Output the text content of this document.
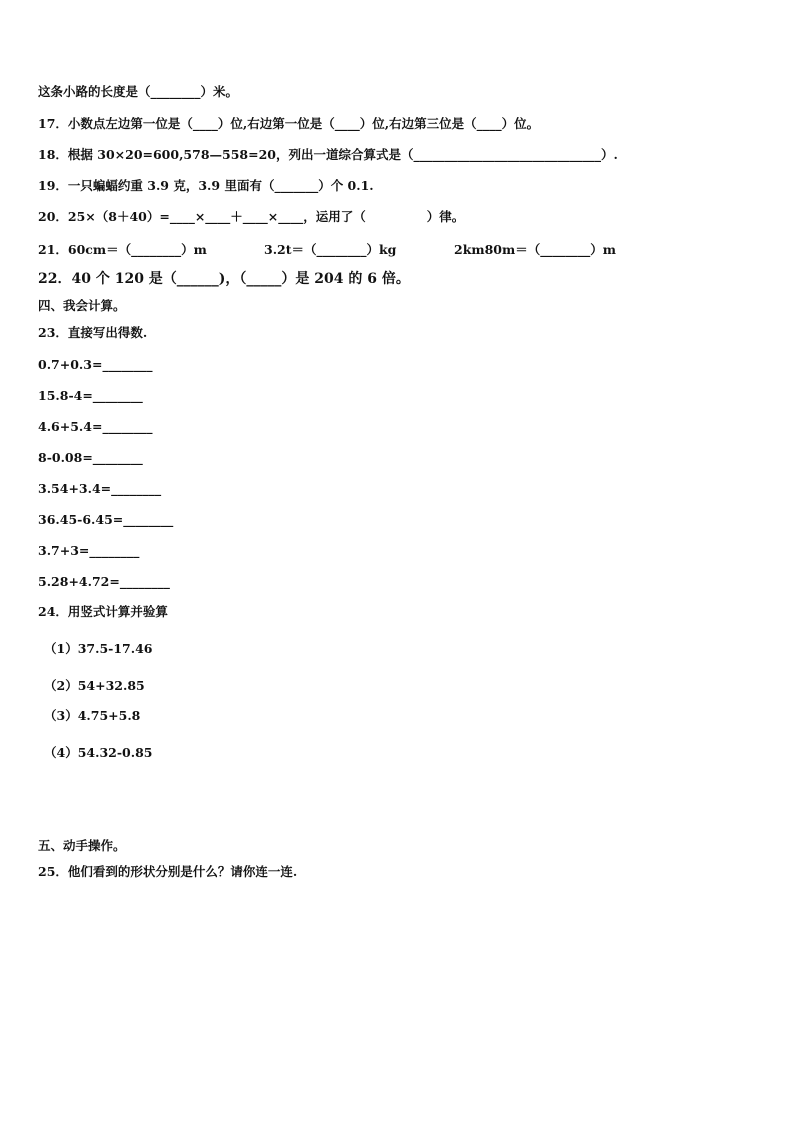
这条小路的长度是（________）米。
17．小数点左边第一位是（____）位,右边第一位是（____）位,右边第三位是（____）位。
18．根据 30×20=600,578—558=20，列出一道综合算式是（______________________________）.
19．一只蝙蝠约重 3.9 克，3.9 里面有（_______）个 0.1.
20．25×（8＋40）=____×____＋____×____，运用了（              ）律。
21．60cm＝（________）m	3.2t＝（________）kg	2km80m＝（________）m
22．40 个 120 是（______)，（_____）是 204 的 6 倍。
四、我会计算。
23．直接写出得数.
0.7+0.3=________
15.8-4=________
4.6+5.4=________
8-0.08=________
3.54+3.4=________
36.45-6.45=________
3.7+3=________
5.28+4.72=________
24．用竖式计算并验算
（1）37.5-17.46
（2）54+32.85
（3）4.75+5.8
（4）54.32-0.85
五、动手操作。
25．他们看到的形状分别是什么？请你连一连.
